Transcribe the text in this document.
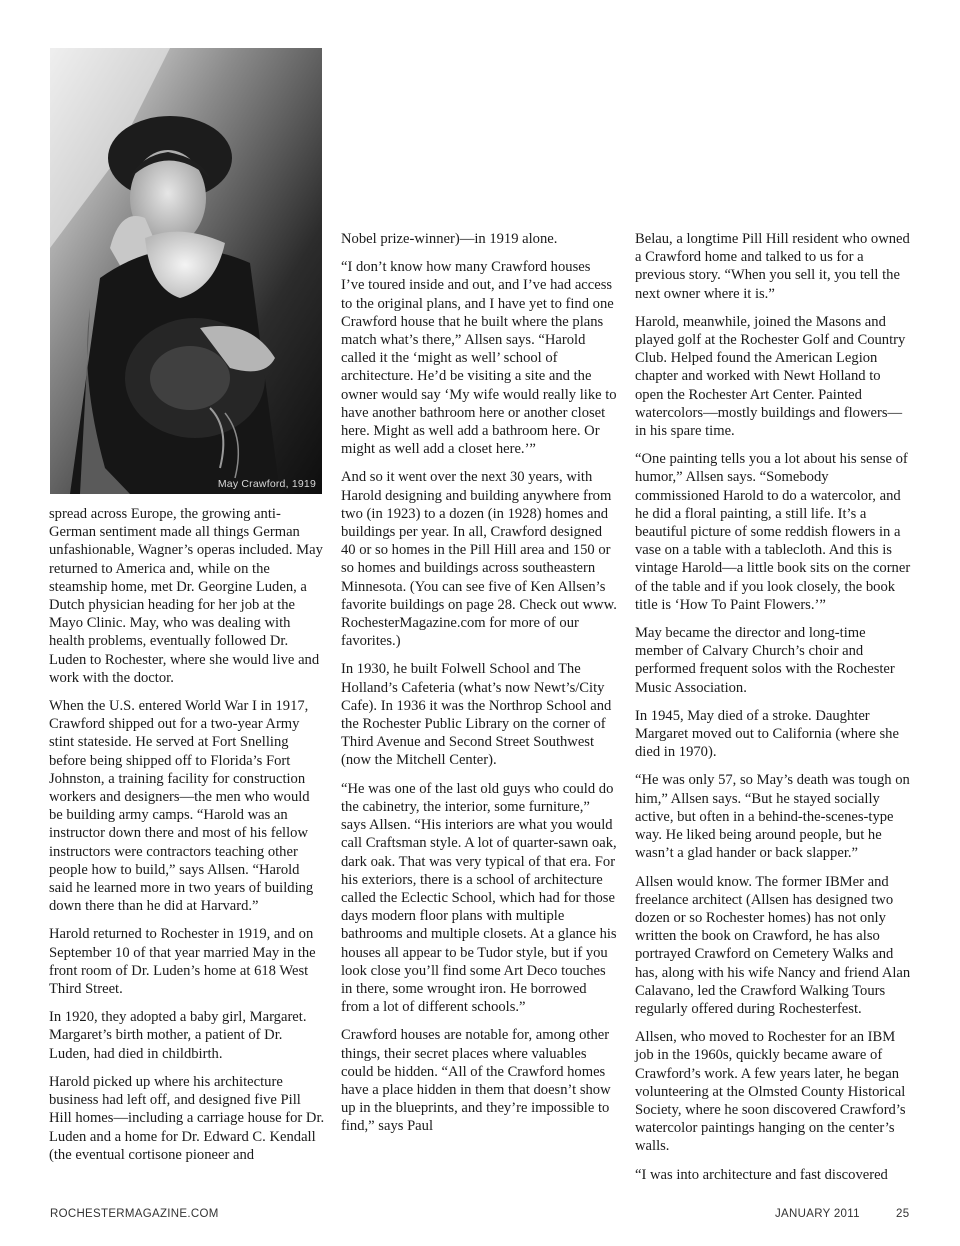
May Crawford, 1919

spread across Europe, the growing anti-German sentiment made all things German unfashionable, Wagner’s operas included. May returned to America and, while on the steamship home, met Dr. Georgine Luden, a Dutch physician heading for her job at the Mayo Clinic. May, who was dealing with health problems, eventually followed Dr. Luden to Rochester, where she would live and work with the doctor.

When the U.S. entered World War I in 1917, Crawford shipped out for a two-year Army stint stateside. He served at Fort Snelling before being shipped off to Florida’s Fort Johnston, a training facility for construction workers and designers—the men who would be building army camps. “Harold was an instructor down there and most of his fellow instructors were contractors teaching other people how to build,” says Allsen. “Harold said he learned more in two years of building down there than he did at Harvard.”

Harold returned to Rochester in 1919, and on September 10 of that year married May in the front room of Dr. Luden’s home at 618 West Third Street.

In 1920, they adopted a baby girl, Margaret. Margaret’s birth mother, a patient of Dr. Luden, had died in childbirth.

Harold picked up where his architecture business had left off, and designed five Pill Hill homes—including a carriage house for Dr. Luden and a home for Dr. Edward C. Kendall (the eventual cortisone pioneer and

Nobel prize-winner)—in 1919 alone.

“I don’t know how many Crawford houses I’ve toured inside and out, and I’ve had access to the original plans, and I have yet to find one Crawford house that he built where the plans match what’s there,” Allsen says. “Harold called it the ‘might as well’ school of architecture. He’d be visiting a site and the owner would say ‘My wife would really like to have another bathroom here or another closet here. Might as well add a bathroom here. Or might as well add a closet here.’”

And so it went over the next 30 years, with Harold designing and building anywhere from two (in 1923) to a dozen (in 1928) homes and buildings per year. In all, Crawford designed 40 or so homes in the Pill Hill area and 150 or so homes and buildings across southeastern Minnesota. (You can see five of Ken Allsen’s favorite buildings on page 28. Check out www. RochesterMagazine.com for more of our favorites.)

In 1930, he built Folwell School and The Holland’s Cafeteria (what’s now Newt’s/City Cafe). In 1936 it was the Northrop School and the Rochester Public Library on the corner of Third Avenue and Second Street Southwest (now the Mitchell Center).

“He was one of the last old guys who could do the cabinetry, the interior, some furniture,” says Allsen. “His interiors are what you would call Craftsman style. A lot of quarter-sawn oak, dark oak. That was very typical of that era. For his exteriors, there is a school of architecture called the Eclectic School, which had for those days modern floor plans with multiple bathrooms and multiple closets. At a glance his houses all appear to be Tudor style, but if you look close you’ll find some Art Deco touches in there, some wrought iron. He borrowed from a lot of different schools.”

Crawford houses are notable for, among other things, their secret places where valuables could be hidden. “All of the Crawford homes have a place hidden in them that doesn’t show up in the blueprints, and they’re impossible to find,” says Paul

Belau, a longtime Pill Hill resident who owned a Crawford home and talked to us for a previous story. “When you sell it, you tell the next owner where it is.”

Harold, meanwhile, joined the Masons and played golf at the Rochester Golf and Country Club. Helped found the American Legion chapter and worked with Newt Holland to open the Rochester Art Center. Painted watercolors—mostly buildings and flowers—in his spare time.

“One painting tells you a lot about his sense of humor,” Allsen says. “Somebody commissioned Harold to do a watercolor, and he did a floral painting, a still life. It’s a beautiful picture of some reddish flowers in a vase on a table with a tablecloth. And this is vintage Harold—a little book sits on the corner of the table and if you look closely, the book title is ‘How To Paint Flowers.’”

May became the director and long-time member of Calvary Church’s choir and performed frequent solos with the Rochester Music Association.

In 1945, May died of a stroke. Daughter Margaret moved out to California (where she died in 1970).

“He was only 57, so May’s death was tough on him,” Allsen says. “But he stayed socially active, but often in a behind-the-scenes-type way. He liked being around people, but he wasn’t a glad hander or back slapper.”

Allsen would know. The former IBMer and freelance architect (Allsen has designed two dozen or so Rochester homes) has not only written the book on Crawford, he has also portrayed Crawford on Cemetery Walks and has, along with his wife Nancy and friend Alan Calavano, led the Crawford Walking Tours regularly offered during Rochesterfest.

Allsen, who moved to Rochester for an IBM job in the 1960s, quickly became aware of Crawford’s work. A few years later, he began volunteering at the Olmsted County Historical Society, where he soon discovered Crawford’s watercolor paintings hanging on the center’s walls.

“I was into architecture and fast discovered

ROCHESTERMAGAZINE.COM	JANUARY 2011	25
